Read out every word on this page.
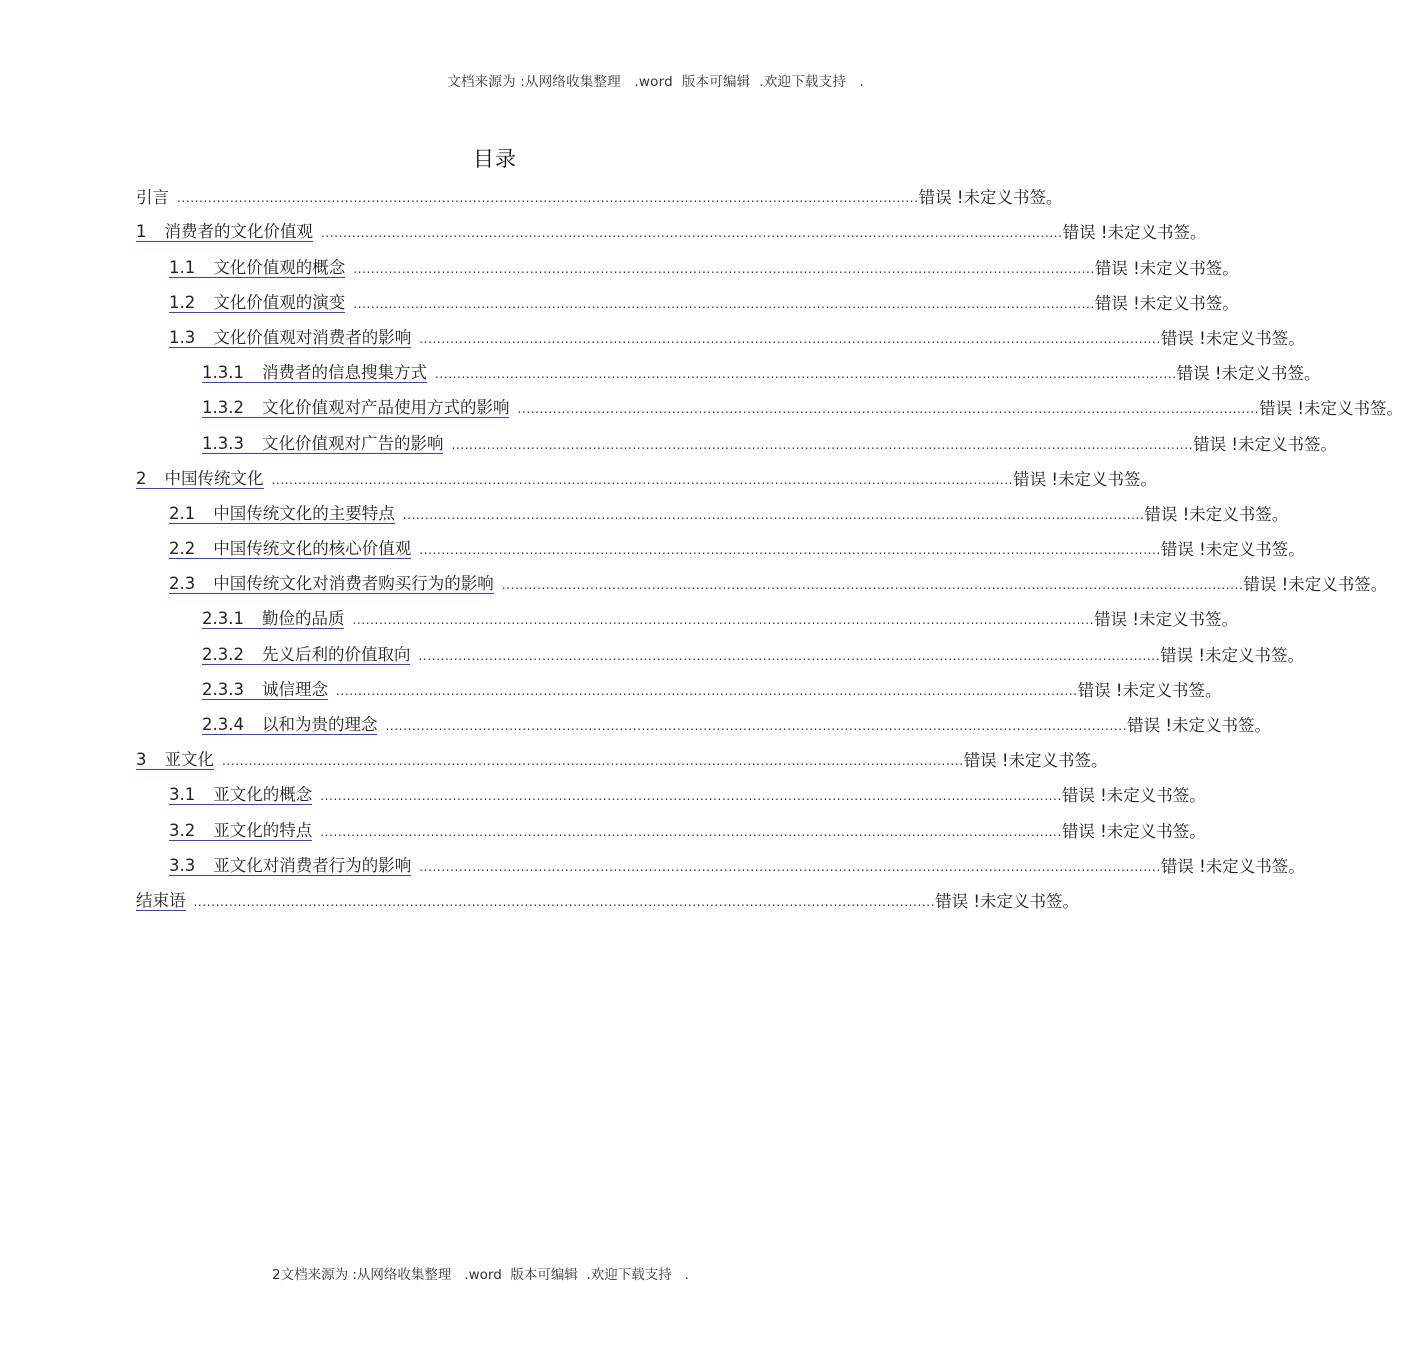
文档来源为 :从网络收集整理   .word  版本可编辑  .欢迎下载支持   .
目录
引言 ........................................................................................................................................................................ 错误 !未定义书签。
1 消费者的文化价值观 ........................................................................................................................................................................ 错误 !未定义书签。
1.1 文化价值观的概念 ........................................................................................................................................................................ 错误 !未定义书签。
1.2 文化价值观的演变 ........................................................................................................................................................................ 错误 !未定义书签。
1.3 文化价值观对消费者的影响 ........................................................................................................................................................................ 错误 !未定义书签。
1.3.1 消费者的信息搜集方式 ........................................................................................................................................................................ 错误 !未定义书签。
1.3.2 文化价值观对产品使用方式的影响 ........................................................................................................................................................................ 错误 !未定义书签。
1.3.3 文化价值观对广告的影响 ........................................................................................................................................................................ 错误 !未定义书签。
2 中国传统文化 ........................................................................................................................................................................ 错误 !未定义书签。
2.1 中国传统文化的主要特点 ........................................................................................................................................................................ 错误 !未定义书签。
2.2 中国传统文化的核心价值观 ........................................................................................................................................................................ 错误 !未定义书签。
2.3 中国传统文化对消费者购买行为的影响 ........................................................................................................................................................................ 错误 !未定义书签。
2.3.1 勤俭的品质 ........................................................................................................................................................................ 错误 !未定义书签。
2.3.2 先义后利的价值取向 ........................................................................................................................................................................ 错误 !未定义书签。
2.3.3 诚信理念 ........................................................................................................................................................................ 错误 !未定义书签。
2.3.4 以和为贵的理念 ........................................................................................................................................................................ 错误 !未定义书签。
3 亚文化 ........................................................................................................................................................................ 错误 !未定义书签。
3.1 亚文化的概念 ........................................................................................................................................................................ 错误 !未定义书签。
3.2 亚文化的特点 ........................................................................................................................................................................ 错误 !未定义书签。
3.3 亚文化对消费者行为的影响 ........................................................................................................................................................................ 错误 !未定义书签。
结束语 ........................................................................................................................................................................ 错误 !未定义书签。
2文档来源为 :从网络收集整理   .word  版本可编辑  .欢迎下载支持   .
